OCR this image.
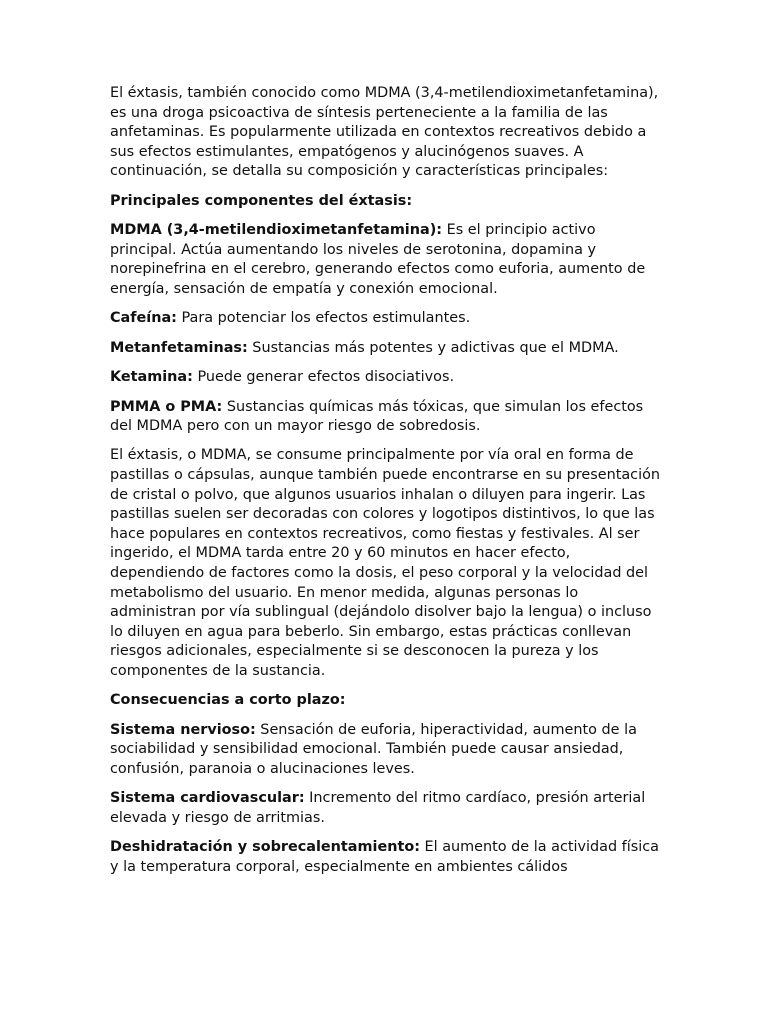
El éxtasis, también conocido como MDMA (3,4-metilendioximetanfetamina), es una droga psicoactiva de síntesis perteneciente a la familia de las anfetaminas. Es popularmente utilizada en contextos recreativos debido a sus efectos estimulantes, empatógenos y alucinógenos suaves. A continuación, se detalla su composición y características principales:

Principales componentes del éxtasis:

MDMA (3,4-metilendioximetanfetamina): Es el principio activo principal. Actúa aumentando los niveles de serotonina, dopamina y norepinefrina en el cerebro, generando efectos como euforia, aumento de energía, sensación de empatía y conexión emocional.

Cafeína: Para potenciar los efectos estimulantes.

Metanfetaminas: Sustancias más potentes y adictivas que el MDMA.

Ketamina: Puede generar efectos disociativos.

PMMA o PMA: Sustancias químicas más tóxicas, que simulan los efectos del MDMA pero con un mayor riesgo de sobredosis.

El éxtasis, o MDMA, se consume principalmente por vía oral en forma de pastillas o cápsulas, aunque también puede encontrarse en su presentación de cristal o polvo, que algunos usuarios inhalan o diluyen para ingerir. Las pastillas suelen ser decoradas con colores y logotipos distintivos, lo que las hace populares en contextos recreativos, como fiestas y festivales. Al ser ingerido, el MDMA tarda entre 20 y 60 minutos en hacer efecto, dependiendo de factores como la dosis, el peso corporal y la velocidad del metabolismo del usuario. En menor medida, algunas personas lo administran por vía sublingual (dejándolo disolver bajo la lengua) o incluso lo diluyen en agua para beberlo. Sin embargo, estas prácticas conllevan riesgos adicionales, especialmente si se desconocen la pureza y los componentes de la sustancia.

Consecuencias a corto plazo:

Sistema nervioso: Sensación de euforia, hiperactividad, aumento de la sociabilidad y sensibilidad emocional. También puede causar ansiedad, confusión, paranoia o alucinaciones leves.

Sistema cardiovascular: Incremento del ritmo cardíaco, presión arterial elevada y riesgo de arritmias.

Deshidratación y sobrecalentamiento: El aumento de la actividad física y la temperatura corporal, especialmente en ambientes cálidos
